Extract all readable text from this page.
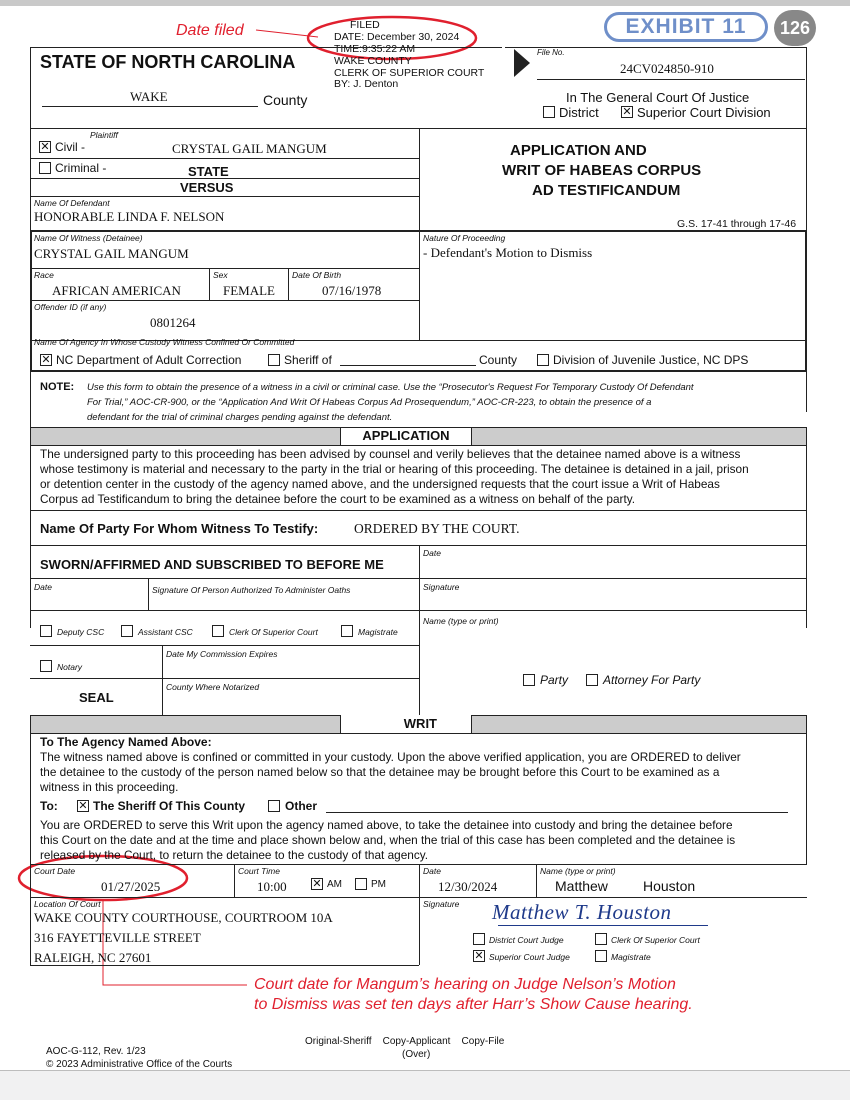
Date filed	EXHIBIT 11	126
FILED
DATE: December 30, 2024
TIME:9:35:22 AM
WAKE COUNTY
CLERK OF SUPERIOR COURT
BY: J. Denton
STATE OF NORTH CAROLINA
WAKE	County
File No.
24CV024850-910
In The General Court Of Justice
District ✕ Superior Court Division
Plaintiff
✕ Civil -	CRYSTAL GAIL MANGUM
Criminal -	STATE
VERSUS
Name Of Defendant
HONORABLE LINDA F. NELSON
APPLICATION AND
WRIT OF HABEAS CORPUS
AD TESTIFICANDUM
G.S. 17-41 through 17-46
Name Of Witness (Detainee)
CRYSTAL GAIL MANGUM
Race
AFRICAN AMERICAN
Sex
FEMALE
Date Of Birth
07/16/1978
Offender ID (if any)
0801264
Nature Of Proceeding
- Defendant's Motion to Dismiss
Name Of Agency In Whose Custody Witness Confined Or Committed
✕ NC Department of Adult Correction	Sheriff of	County	Division of Juvenile Justice, NC DPS
NOTE: Use this form to obtain the presence of a witness in a civil or criminal case. Use the “Prosecutor's Request For Temporary Custody Of Defendant
For Trial,” AOC-CR-900, or the “Application And Writ Of Habeas Corpus Ad Prosequendum,” AOC-CR-223, to obtain the presence of a
defendant for the trial of criminal charges pending against the defendant.
APPLICATION
The undersigned party to this proceeding has been advised by counsel and verily believes that the detainee named above is a witness
whose testimony is material and necessary to the party in the trial or hearing of this proceeding. The detainee is detained in a jail, prison
or detention center in the custody of the agency named above, and the undersigned requests that the court issue a Writ of Habeas
Corpus ad Testificandum to bring the detainee before the court to be examined as a witness on behalf of the party.
Name Of Party For Whom Witness To Testify:	ORDERED BY THE COURT.
SWORN/AFFIRMED AND SUBSCRIBED TO BEFORE ME
Date
Date	Signature Of Person Authorized To Administer Oaths	Signature
Name (type or print)
Deputy CSC	Assistant CSC	Clerk Of Superior Court	Magistrate
Date My Commission Expires
Notary
County Where Notarized
SEAL
Party	Attorney For Party
WRIT
To The Agency Named Above:
The witness named above is confined or committed in your custody. Upon the above verified application, you are ORDERED to deliver
the detainee to the custody of the person named below so that the detainee may be brought before this Court to be examined as a
witness in this proceeding.
To: ✕ The Sheriff Of This County	Other
You are ORDERED to serve this Writ upon the agency named above, to take the detainee into custody and bring the detainee before
this Court on the date and at the time and place shown below and, when the trial of this case has been completed and the detainee is
released by the Court, to return the detainee to the custody of that agency.
Court Date
01/27/2025
Court Time
10:00 ✕ AM	PM
Date
12/30/2024
Name (type or print)
Matthew	Houston
Location Of Court
WAKE COUNTY COURTHOUSE, COURTROOM 10A
316 FAYETTEVILLE STREET
RALEIGH, NC 27601
Signature Matthew T. Houston
District Court Judge	Clerk Of Superior Court
✕ Superior Court Judge	Magistrate
Court date for Mangum’s hearing on Judge Nelson’s Motion
to Dismiss was set ten days after Harr’s Show Cause hearing.
Original-Sheriff    Copy-Applicant    Copy-File
(Over)
AOC-G-112, Rev. 1/23
© 2023 Administrative Office of the Courts
